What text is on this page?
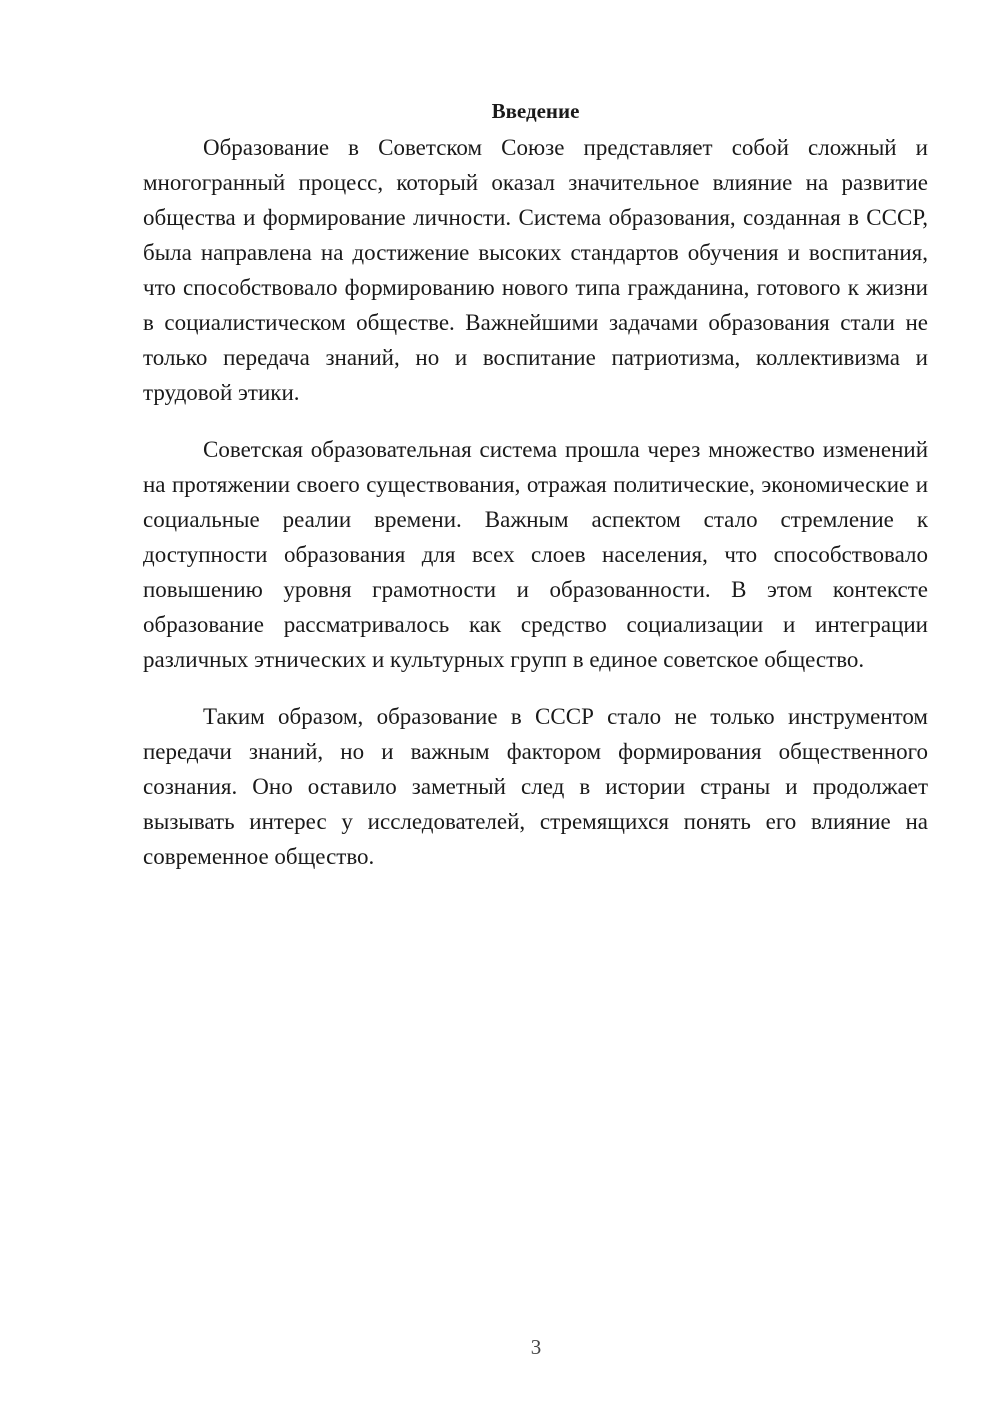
Введение

Образование в Советском Союзе представляет собой сложный и многогранный процесс, который оказал значительное влияние на развитие общества и формирование личности. Система образования, созданная в СССР, была направлена на достижение высоких стандартов обучения и воспитания, что способствовало формированию нового типа гражданина, готового к жизни в социалистическом обществе. Важнейшими задачами образования стали не только передача знаний, но и воспитание патриотизма, коллективизма и трудовой этики.

Советская образовательная система прошла через множество изменений на протяжении своего существования, отражая политические, экономические и социальные реалии времени. Важным аспектом стало стремление к доступности образования для всех слоев населения, что способствовало повышению уровня грамотности и образованности. В этом контексте образование рассматривалось как средство социализации и интеграции различных этнических и культурных групп в единое советское общество.

Таким образом, образование в СССР стало не только инструментом передачи знаний, но и важным фактором формирования общественного сознания. Оно оставило заметный след в истории страны и продолжает вызывать интерес у исследователей, стремящихся понять его влияние на современное общество.

3
